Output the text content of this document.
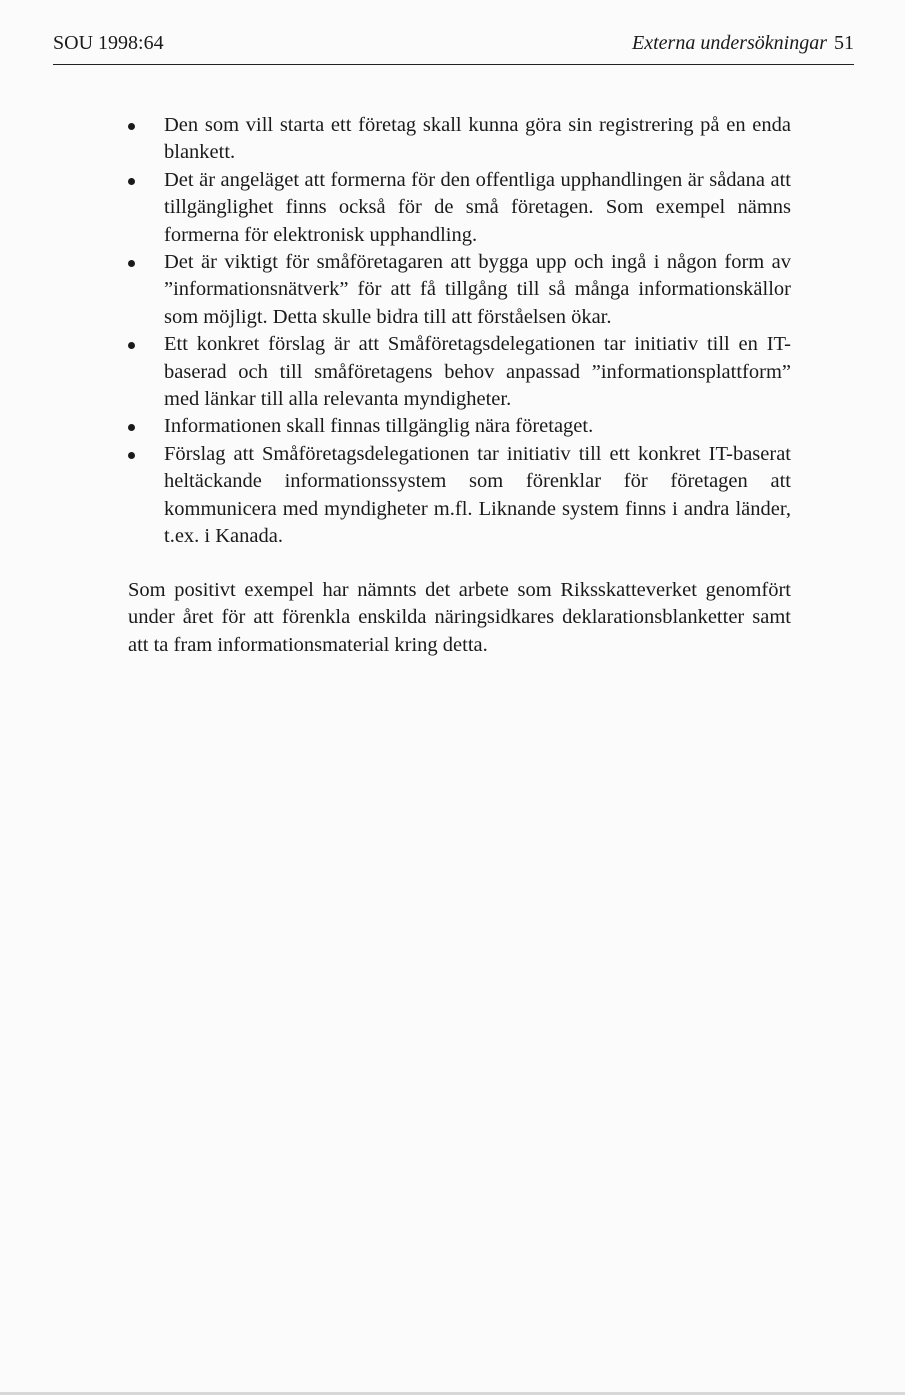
SOU 1998:64	Externa undersökningar 51
Den som vill starta ett företag skall kunna göra sin registrering på en enda blankett.
Det är angeläget att formerna för den offentliga upphandlingen är sådana att tillgänglighet finns också för de små företagen. Som exempel nämns formerna för elektronisk upphandling.
Det är viktigt för småföretagaren att bygga upp och ingå i någon form av ”informationsnätverk” för att få tillgång till så många informationskällor som möjligt. Detta skulle bidra till att förståelsen ökar.
Ett konkret förslag är att Småföretagsdelegationen tar initiativ till en IT-baserad och till småföretagens behov anpassad ”informationsplattform” med länkar till alla relevanta myndigheter.
Informationen skall finnas tillgänglig nära företaget.
Förslag att Småföretagsdelegationen tar initiativ till ett konkret IT-baserat heltäckande informationssystem som förenklar för företagen att kommunicera med myndigheter m.fl. Liknande system finns i andra länder, t.ex. i Kanada.

Som positivt exempel har nämnts det arbete som Riksskatteverket genomfört under året för att förenkla enskilda näringsidkares deklarationsblanketter samt att ta fram informationsmaterial kring detta.
